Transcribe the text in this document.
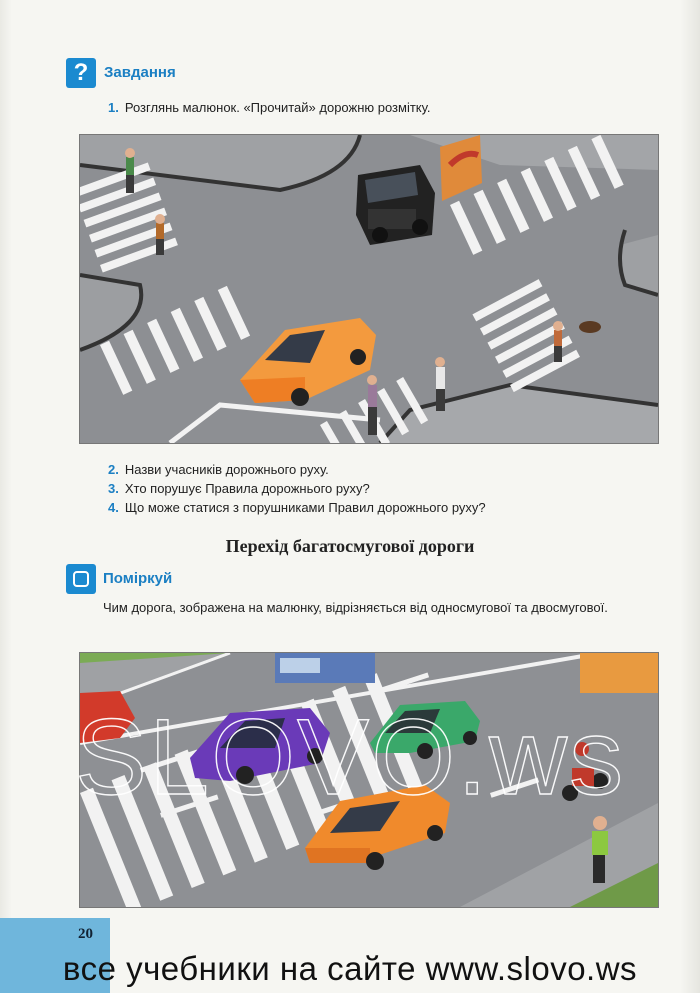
?	Завдання
1. Розглянь малюнок. «Прочитай» дорожню розмітку.
2. Назви учасників дорожнього руху.
3. Хто порушує Правила дорожнього руху?
4. Що може статися з порушниками Правил дорожнього руху?
Перехід багатосмугової дороги
Поміркуй
Чим дорога, зображена на малюнку, відрізняється від односмугової та двосмугової.
SLOVO.ws
20
все учебники на сайте www.slovo.ws
